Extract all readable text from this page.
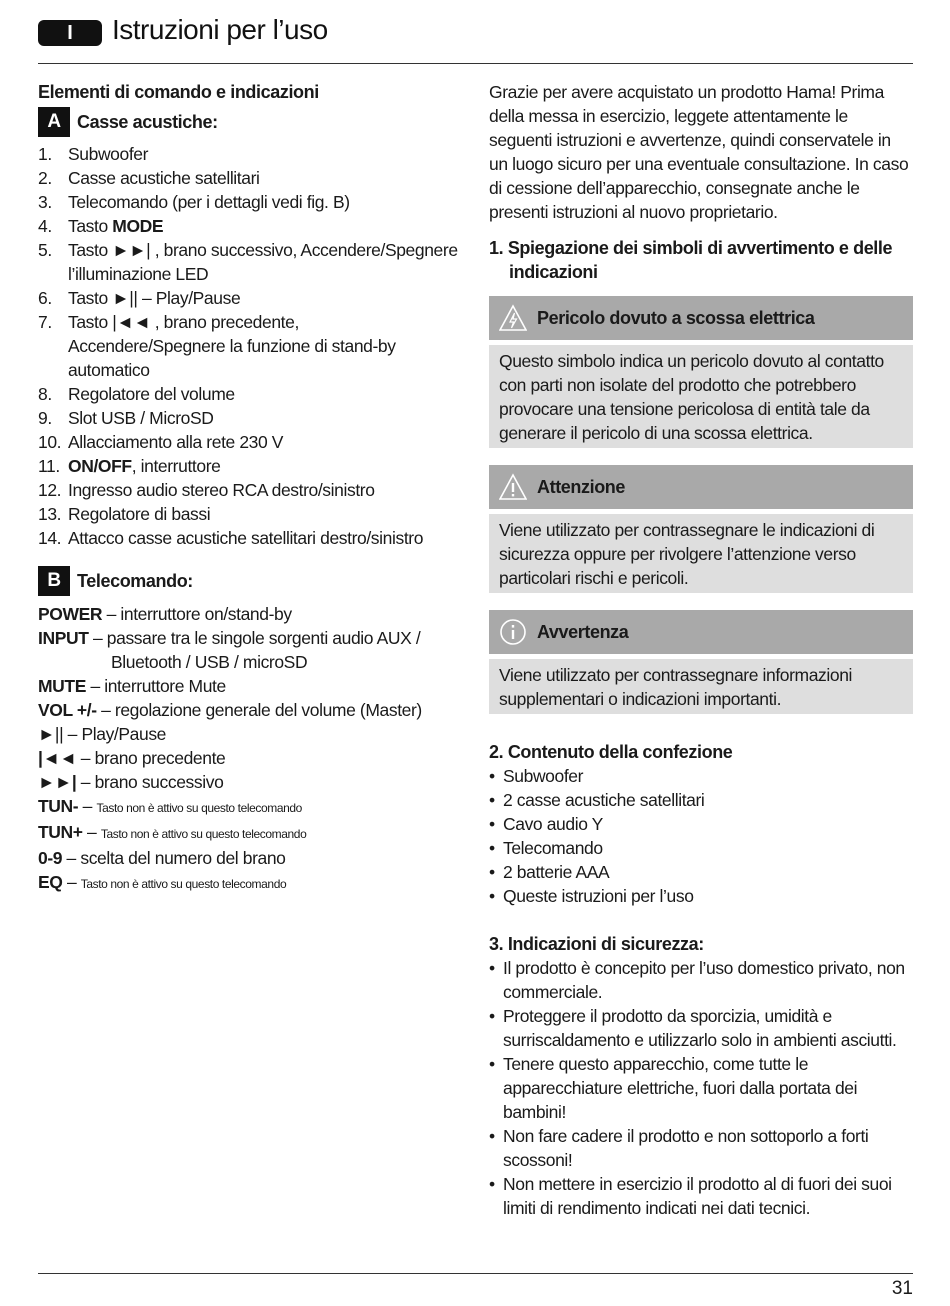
I	Istruzioni per l’uso
Elementi di comando e indicazioni
A Casse acustiche:
1. Subwoofer
2. Casse acustiche satellitari
3. Telecomando (per i dettagli vedi fig. B)
4. Tasto MODE
5. Tasto ►►| , brano successivo, Accendere/Spegnere l’illuminazione LED
6. Tasto ►|| – Play/Pause
7. Tasto |◄◄ , brano precedente, Accendere/Spegnere la funzione di stand-by automatico
8. Regolatore del volume
9. Slot USB / MicroSD
10. Allacciamento alla rete 230 V
11. ON/OFF, interruttore
12. Ingresso audio stereo RCA destro/sinistro
13. Regolatore di bassi
14. Attacco casse acustiche satellitari destro/sinistro
B Telecomando:
POWER – interruttore on/stand-by
INPUT – passare tra le singole sorgenti audio AUX /
Bluetooth / USB / microSD
MUTE – interruttore Mute
VOL +/- – regolazione generale del volume (Master)
►|| – Play/Pause
|◄◄ – brano precedente
►►| – brano successivo
TUN- – Tasto non è attivo su questo telecomando
TUN+ – Tasto non è attivo su questo telecomando
0-9 – scelta del numero del brano
EQ – Tasto non è attivo su questo telecomando

Grazie per avere acquistato un prodotto Hama! Prima della messa in esercizio, leggete attentamente le seguenti istruzioni e avvertenze, quindi conservatele in un luogo sicuro per una eventuale consultazione. In caso di cessione dell’apparecchio, consegnate anche le presenti istruzioni al nuovo proprietario.

1. Spiegazione dei simboli di avvertimento e delle indicazioni
Pericolo dovuto a scossa elettrica
Questo simbolo indica un pericolo dovuto al contatto con parti non isolate del prodotto che potrebbero provocare una tensione pericolosa di entità tale da generare il pericolo di una scossa elettrica.
Attenzione
Viene utilizzato per contrassegnare le indicazioni di sicurezza oppure per rivolgere l’attenzione verso particolari rischi e pericoli.
Avvertenza
Viene utilizzato per contrassegnare informazioni supplementari o indicazioni importanti.
2. Contenuto della confezione
• Subwoofer
• 2 casse acustiche satellitari
• Cavo audio Y
• Telecomando
• 2 batterie AAA
• Queste istruzioni per l’uso
3. Indicazioni di sicurezza:
• Il prodotto è concepito per l’uso domestico privato, non commerciale.
• Proteggere il prodotto da sporcizia, umidità e surriscaldamento e utilizzarlo solo in ambienti asciutti.
• Tenere questo apparecchio, come tutte le apparecchiature elettriche, fuori dalla portata dei bambini!
• Non fare cadere il prodotto e non sottoporlo a forti scossoni!
• Non mettere in esercizio il prodotto al di fuori dei suoi limiti di rendimento indicati nei dati tecnici.
31
